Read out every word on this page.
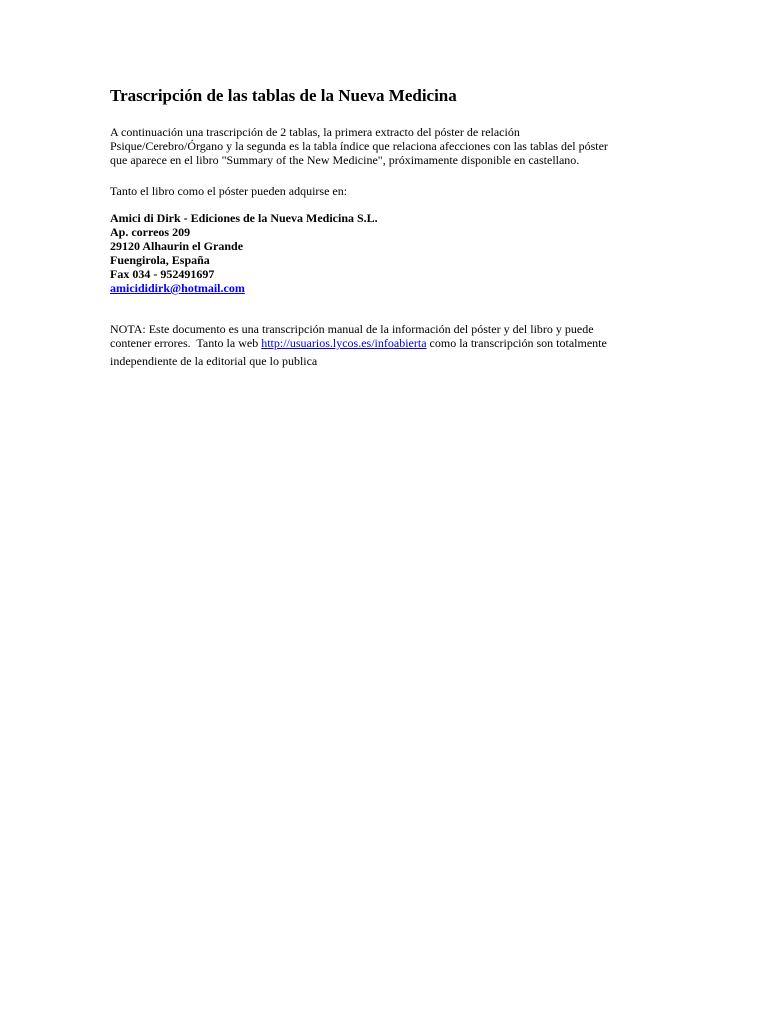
Trascripción de las tablas de la Nueva Medicina

A continuación una trascripción de 2 tablas, la primera extracto del póster de relación
Psique/Cerebro/Órgano y la segunda es la tabla índice que relaciona afecciones con las tablas del póster
que aparece en el libro "Summary of the New Medicine", próximamente disponible en castellano.

Tanto el libro como el póster pueden adquirse en:

Amici di Dirk - Ediciones de la Nueva Medicina S.L.
Ap. correos 209
29120 Alhaurin el Grande
Fuengirola, España
Fax 034 - 952491697
amicididirk@hotmail.com

NOTA: Este documento es una transcripción manual de la información del póster y del libro y puede
contener errores.  Tanto la web http://usuarios.lycos.es/infoabierta como la transcripción son totalmente
independiente de la editorial que lo publica
